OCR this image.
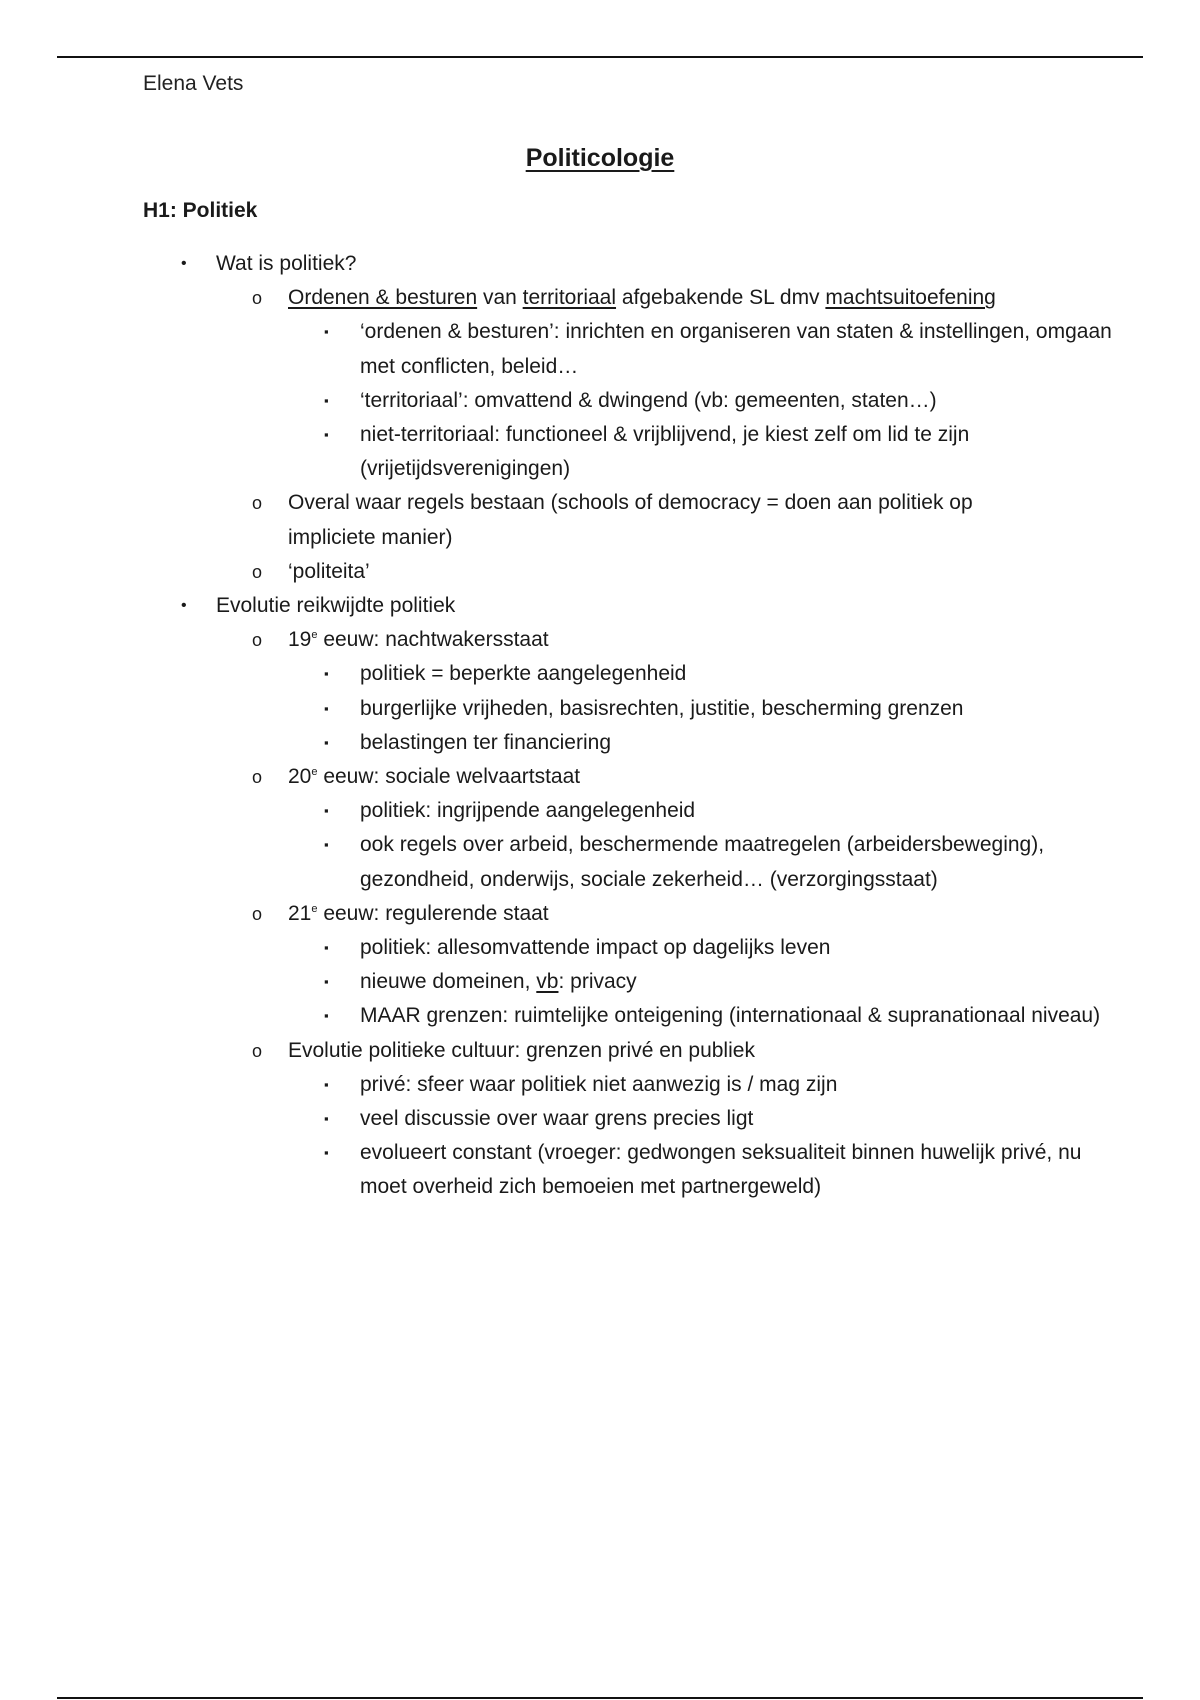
Elena Vets
Politicologie
H1: Politiek
• Wat is politiek?
o Ordenen & besturen van territoriaal afgebakende SL dmv machtsuitoefening
▪ ‘ordenen & besturen’: inrichten en organiseren van staten & instellingen, omgaan met conflicten, beleid…
▪ ‘territoriaal’: omvattend & dwingend (vb: gemeenten, staten…)
▪ niet-territoriaal: functioneel & vrijblijvend, je kiest zelf om lid te zijn (vrijetijdsverenigingen)
o Overal waar regels bestaan (schools of democracy = doen aan politiek op impliciete manier)
o ‘politeita’
• Evolutie reikwijdte politiek
o 19e eeuw: nachtwakersstaat
▪ politiek = beperkte aangelegenheid
▪ burgerlijke vrijheden, basisrechten, justitie, bescherming grenzen
▪ belastingen ter financiering
o 20e eeuw: sociale welvaartstaat
▪ politiek: ingrijpende aangelegenheid
▪ ook regels over arbeid, beschermende maatregelen (arbeidersbeweging), gezondheid, onderwijs, sociale zekerheid… (verzorgingsstaat)
o 21e eeuw: regulerende staat
▪ politiek: allesomvattende impact op dagelijks leven
▪ nieuwe domeinen, vb: privacy
▪ MAAR grenzen: ruimtelijke onteigening (internationaal & supranationaal niveau)
o Evolutie politieke cultuur: grenzen privé en publiek
▪ privé: sfeer waar politiek niet aanwezig is / mag zijn
▪ veel discussie over waar grens precies ligt
▪ evolueert constant (vroeger: gedwongen seksualiteit binnen huwelijk privé, nu moet overheid zich bemoeien met partnergeweld)
